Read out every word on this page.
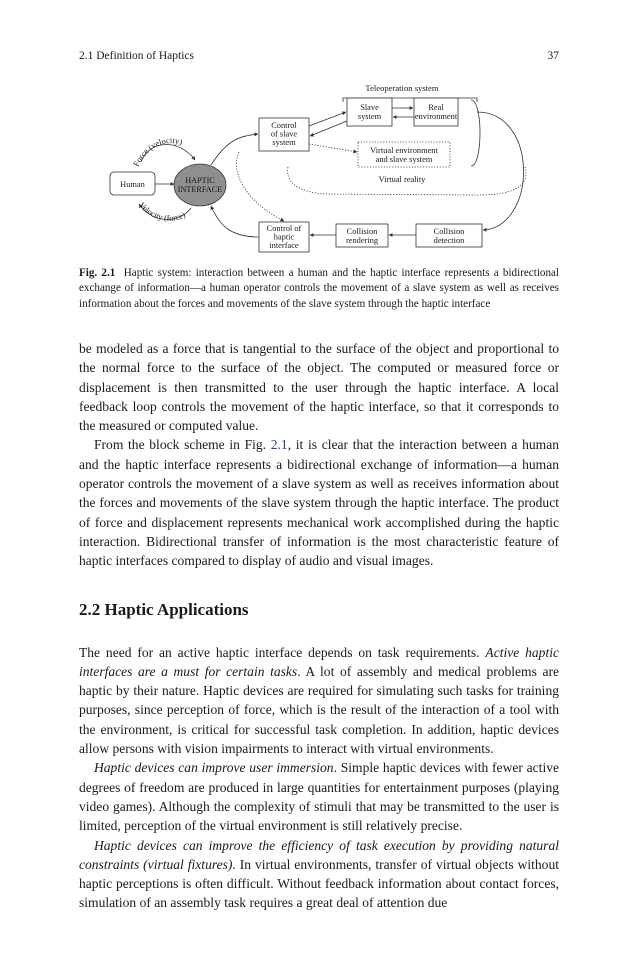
2.1 Definition of Haptics	37
Teleoperation system
Slave
system
Real
environment
Control
of slave
system
Virtual environment
and slave system
Virtual reality
Human	HAPTIC
INTERFACE
Force (velocity)
Velocity (force)
Control of
haptic
interface
Collision
rendering
Collision
detection
Fig. 2.1 Haptic system: interaction between a human and the haptic interface represents a bidirectional exchange of information—a human operator controls the movement of a slave system as well as receives information about the forces and movements of the slave system through the haptic interface

be modeled as a force that is tangential to the surface of the object and proportional to the normal force to the surface of the object. The computed or measured force or displacement is then transmitted to the user through the haptic interface. A local feedback loop controls the movement of the haptic interface, so that it corresponds to the measured or computed value.

From the block scheme in Fig. 2.1, it is clear that the interaction between a human and the haptic interface represents a bidirectional exchange of information—a human operator controls the movement of a slave system as well as receives information about the forces and movements of the slave system through the haptic interface. The product of force and displacement represents mechanical work accomplished during the haptic interaction. Bidirectional transfer of information is the most characteristic feature of haptic interfaces compared to display of audio and visual images.

2.2 Haptic Applications

The need for an active haptic interface depends on task requirements. Active haptic interfaces are a must for certain tasks. A lot of assembly and medical problems are haptic by their nature. Haptic devices are required for simulating such tasks for training purposes, since perception of force, which is the result of the interaction of a tool with the environment, is critical for successful task completion. In addition, haptic devices allow persons with vision impairments to interact with virtual environments.

Haptic devices can improve user immersion. Simple haptic devices with fewer active degrees of freedom are produced in large quantities for entertainment purposes (playing video games). Although the complexity of stimuli that may be transmitted to the user is limited, perception of the virtual environment is still relatively precise.

Haptic devices can improve the efficiency of task execution by providing natural constraints (virtual fixtures). In virtual environments, transfer of virtual objects without haptic perceptions is often difficult. Without feedback information about contact forces, simulation of an assembly task requires a great deal of attention due
